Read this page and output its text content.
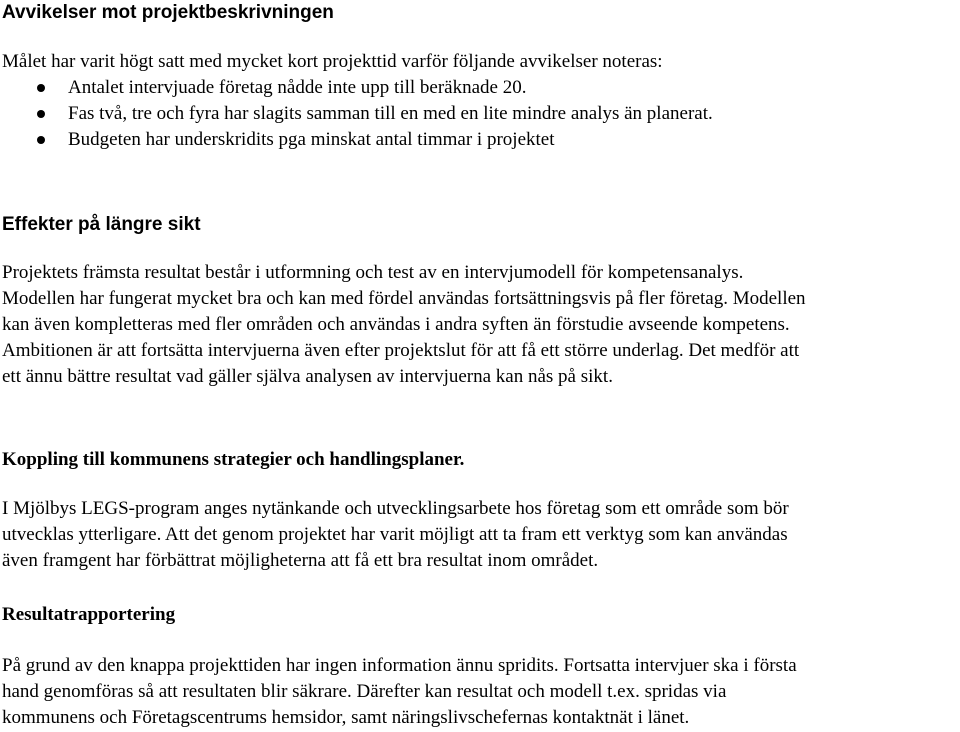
Avvikelser mot projektbeskrivningen
Målet har varit högt satt med mycket kort projekttid varför följande avvikelser noteras:
Antalet intervjuade företag nådde inte upp till beräknade 20.
Fas två, tre och fyra har slagits samman till en med en lite mindre analys än planerat.
Budgeten har underskridits pga minskat antal timmar i projektet
Effekter på längre sikt
Projektets främsta resultat består i utformning och test av en intervjumodell för kompetensanalys.
Modellen har fungerat mycket bra och kan med fördel användas fortsättningsvis på fler företag. Modellen
kan även kompletteras med fler områden och användas i andra syften än förstudie avseende kompetens.
Ambitionen är att fortsätta intervjuerna även efter projektslut för att få ett större underlag. Det medför att
ett ännu bättre resultat vad gäller själva analysen av intervjuerna kan nås på sikt.
Koppling till kommunens strategier och handlingsplaner.
I Mjölbys LEGS-program anges nytänkande och utvecklingsarbete hos företag som ett område som bör
utvecklas ytterligare. Att det genom projektet har varit möjligt att ta fram ett verktyg som kan användas
även framgent har förbättrat möjligheterna att få ett bra resultat inom området.
Resultatrapportering
På grund av den knappa projekttiden har ingen information ännu spridits. Fortsatta intervjuer ska i första
hand genomföras så att resultaten blir säkrare. Därefter kan resultat och modell t.ex. spridas via
kommunens och Företagscentrums hemsidor, samt näringslivschefernas kontaktnät i länet.
